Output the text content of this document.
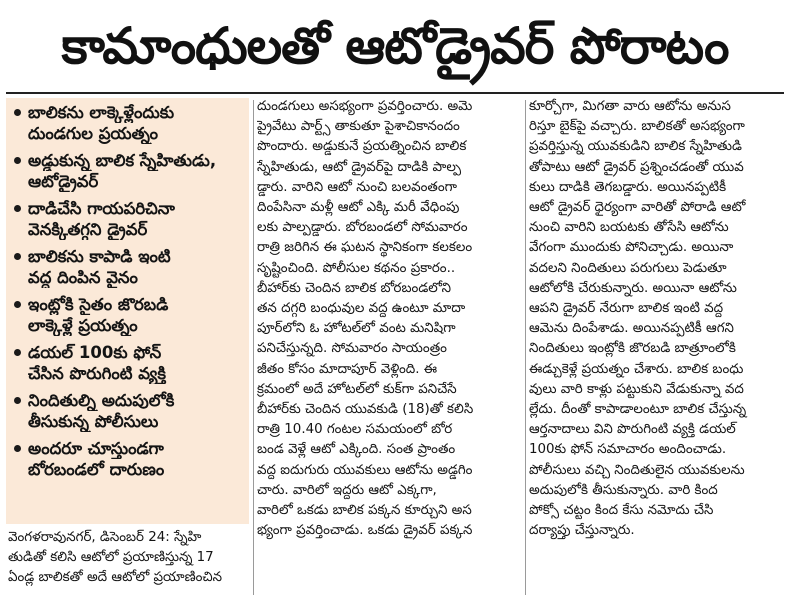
కామాంధులతో ఆటోడ్రైవర్ పోరాటం
బాలికను లాక్కెళ్లేందుకు
దుండగుల ప్రయత్నం
అడ్డుకున్న బాలిక స్నేహితుడు,
ఆటోడ్రైవర్
దాడిచేసి గాయపరిచినా
వెనక్కితగ్గని డ్రైవర్
బాలికను కాపాడి ఇంటి
వద్ద దింపిన వైనం
ఇంట్లోకి సైతం జొరబడి
లాక్కెళ్లే ప్రయత్నం
డయల్ 100కు ఫోన్
చేసిన పొరుగింటి వ్యక్తి
నిందితుల్ని అదుపులోకి
తీసుకున్న పోలీసులు
అందరూ చూస్తుండగా
బోరబండలో దారుణం
వెంగళరావునగర్, డిసెంబర్ 24: స్నేహి
తుడితో కలిసి ఆటోలో ప్రయాణిస్తున్న 17
ఏండ్ల బాలికతో అదే ఆటోలో ప్రయాణించిన
దుండగులు అసభ్యంగా ప్రవర్తించారు. అమె
ప్రైవేటు పార్ట్స్ తాకుతూ పైశాచికానందం
పొందారు. అడ్డుకునే ప్రయత్నించిన బాలిక
స్నేహితుడు, ఆటో డ్రైవర్‌పై దాడికి పాల్ప
డ్డారు. వారిని ఆటో నుంచి బలవంతంగా
దింపేసినా మళ్లీ ఆటో ఎక్కి మరీ వేధింపు
లకు పాల్పడ్డారు. బోరబండలో సోమవారం
రాత్రి జరిగిన ఈ ఘటన స్థానికంగా కలకలం
సృష్టించింది. పోలీసుల కథనం ప్రకారం..
బీహార్‌కు చెందిన బాలిక బోరబండలోని
తన దగ్గరి బంధువుల వద్ద ఉంటూ మాదా
పూర్‌లోని ఓ హోటల్‌లో వంట మనిషిగా
పనిచేస్తున్నది. సోమవారం సాయంత్రం
జీతం కోసం మాదాపూర్ వెళ్లింది. ఈ
క్రమంలో అదే హోటల్‌లో కుక్‌గా పనిచేసే
బీహార్‌కు చెందిన యువకుడి (18)తో కలిసి
రాత్రి 10.40 గంటల సమయంలో బోర
బండ వెళ్లే ఆటో ఎక్కింది. సంత ప్రాంతం
వద్ద ఐదుగురు యువకులు ఆటోను అడ్డగిం
చారు. వారిలో ఇద్దరు ఆటో ఎక్కగా,
వారిలో ఒకడు బాలిక పక్కన కూర్చుని అస
భ్యంగా ప్రవర్తించాడు. ఒకడు డ్రైవర్ పక్కన
కూర్చోగా, మిగతా వారు ఆటోను అనుస
రిస్తూ బైక్‌పై వచ్చారు. బాలికతో అసభ్యంగా
ప్రవర్తిస్తున్న యువకుడిని బాలిక స్నేహితుడి
తోపాటు ఆటో డ్రైవర్ ప్రశ్నించడంతో యువ
కులు దాడికి తెగబడ్డారు. అయినప్పటికీ
ఆటో డ్రైవర్ ధైర్యంగా వారితో పోరాడి ఆటో
నుంచి వారిని బయటకు తోసేసి ఆటోను
వేగంగా ముందుకు పోనిచ్చాడు. అయినా
వదలని నిందితులు పరుగులు పెడుతూ
ఆటోలోకి చేరుకున్నారు. అయినా ఆటోను
ఆపని డ్రైవర్ నేరుగా బాలిక ఇంటి వద్ద
ఆమెను దింపేశాడు. అయినప్పటికీ ఆగని
నిందితులు ఇంట్లోకి జొరబడి బాత్రూంలోకి
ఈడ్చుకెళ్లే ప్రయత్నం చేశారు. బాలిక బంధు
వులు వారి కాళ్లు పట్టుకుని వేడుకున్నా వద
ల్లేదు. దీంతో కాపాడాలంటూ బాలిక చేస్తున్న
ఆర్తనాదాలు విని పొరుగింటి వ్యక్తి డయల్
100కు ఫోన్ సమాచారం అందించాడు.
పోలీసులు వచ్చి నిందితులైన యువకులను
అదుపులోకి తీసుకున్నారు. వారి కింద
పోక్సో చట్టం కింద కేసు నమోదు చేసి
దర్యాప్తు చేస్తున్నారు.
